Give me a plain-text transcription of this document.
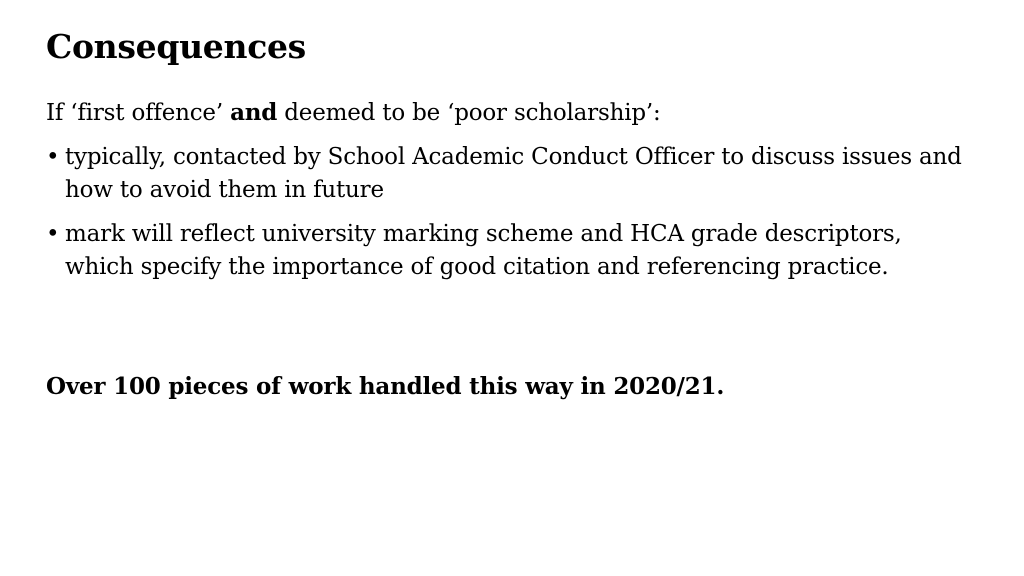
Consequences

If ‘first offence’ and deemed to be ‘poor scholarship’:

• typically, contacted by School Academic Conduct Officer to discuss issues and how to avoid them in future
• mark will reflect university marking scheme and HCA grade descriptors, which specify the importance of good citation and referencing practice.

Over 100 pieces of work handled this way in 2020/21.
